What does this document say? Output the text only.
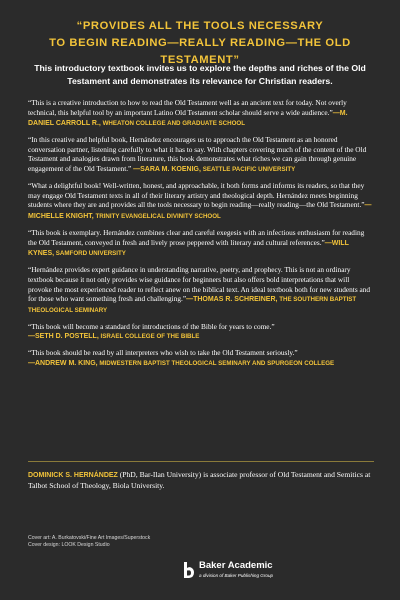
“PROVIDES ALL THE TOOLS NECESSARY
TO BEGIN READING—REALLY READING—THE OLD TESTAMENT”
This introductory textbook invites us to explore the depths and riches of the Old Testament and demonstrates its relevance for Christian readers.

“This is a creative introduction to how to read the Old Testament well as an ancient text for today. Not overly technical, this helpful tool by an important Latino Old Testament scholar should serve a wide audience.”—M. DANIEL CARROLL R., WHEATON COLLEGE AND GRADUATE SCHOOL

“In this creative and helpful book, Hernández encourages us to approach the Old Testament as an honored conversation partner, listening carefully to what it has to say. With chapters covering much of the content of the Old Testament and analogies drawn from literature, this book demonstrates what riches we can gain through genuine engagement of the Old Testament.” —SARA M. KOENIG, SEATTLE PACIFIC UNIVERSITY

“What a delightful book! Well-written, honest, and approachable, it both forms and informs its readers, so that they may engage Old Testament texts in all of their literary artistry and theological depth. Hernández meets beginning students where they are and provides all the tools necessary to begin reading—really reading—the Old Testament.”—MICHELLE KNIGHT, TRINITY EVANGELICAL DIVINITY SCHOOL

“This book is exemplary. Hernández combines clear and careful exegesis with an infectious enthusiasm for reading the Old Testament, conveyed in fresh and lively prose peppered with literary and cultural references.”—WILL KYNES, SAMFORD UNIVERSITY

“Hernández provides expert guidance in understanding narrative, poetry, and prophecy. This is not an ordinary textbook because it not only provides wise guidance for beginners but also offers bold interpretations that will provoke the most experienced reader to reflect anew on the biblical text. An ideal textbook both for new students and for those who want something fresh and challenging.”—THOMAS R. SCHREINER, THE SOUTHERN BAPTIST THEOLOGICAL SEMINARY

“This book will become a standard for introductions of the Bible for years to come.”
—SETH D. POSTELL, ISRAEL COLLEGE OF THE BIBLE

“This book should be read by all interpreters who wish to take the Old Testament seriously.”
—ANDREW M. KING, MIDWESTERN BAPTIST THEOLOGICAL SEMINARY AND SPURGEON COLLEGE

DOMINICK S. HERNÁNDEZ (PhD, Bar-Ilan University) is associate professor of Old Testament and Semitics at Talbot School of Theology, Biola University.
Cover art: A. Burkatovski/Fine Art Images/Superstock
Cover design: LOOK Design Studio
Baker Academic
a division of Baker Publishing Group
